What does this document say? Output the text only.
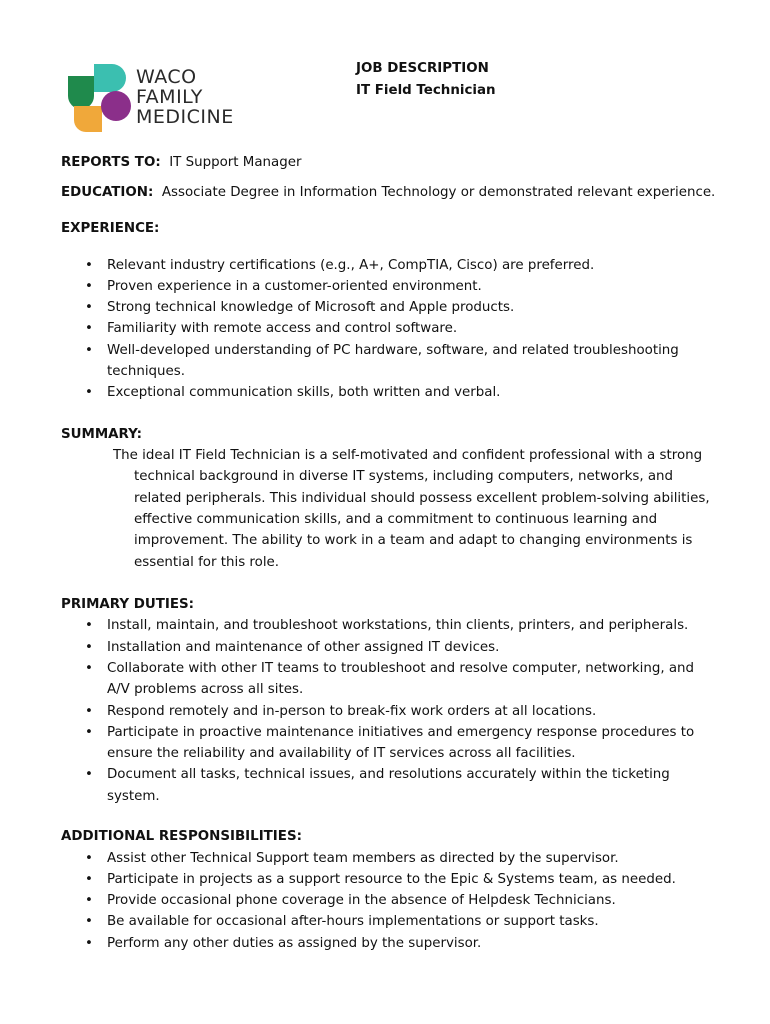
WACO
FAMILY
MEDICINE
JOB DESCRIPTION
IT Field Technician

REPORTS TO: IT Support Manager

EDUCATION: Associate Degree in Information Technology or demonstrated relevant experience.

EXPERIENCE:

• Relevant industry certifications (e.g., A+, CompTIA, Cisco) are preferred.
• Proven experience in a customer-oriented environment.
• Strong technical knowledge of Microsoft and Apple products.
• Familiarity with remote access and control software.
• Well-developed understanding of PC hardware, software, and related troubleshooting techniques.
• Exceptional communication skills, both written and verbal.

SUMMARY:

The ideal IT Field Technician is a self-motivated and confident professional with a strong technical background in diverse IT systems, including computers, networks, and related peripherals. This individual should possess excellent problem-solving abilities, effective communication skills, and a commitment to continuous learning and improvement. The ability to work in a team and adapt to changing environments is essential for this role.

PRIMARY DUTIES:

• Install, maintain, and troubleshoot workstations, thin clients, printers, and peripherals.
• Installation and maintenance of other assigned IT devices.
• Collaborate with other IT teams to troubleshoot and resolve computer, networking, and A/V problems across all sites.
• Respond remotely and in-person to break-fix work orders at all locations.
• Participate in proactive maintenance initiatives and emergency response procedures to ensure the reliability and availability of IT services across all facilities.
• Document all tasks, technical issues, and resolutions accurately within the ticketing system.

ADDITIONAL RESPONSIBILITIES:

• Assist other Technical Support team members as directed by the supervisor.
• Participate in projects as a support resource to the Epic & Systems team, as needed.
• Provide occasional phone coverage in the absence of Helpdesk Technicians.
• Be available for occasional after-hours implementations or support tasks.
• Perform any other duties as assigned by the supervisor.
